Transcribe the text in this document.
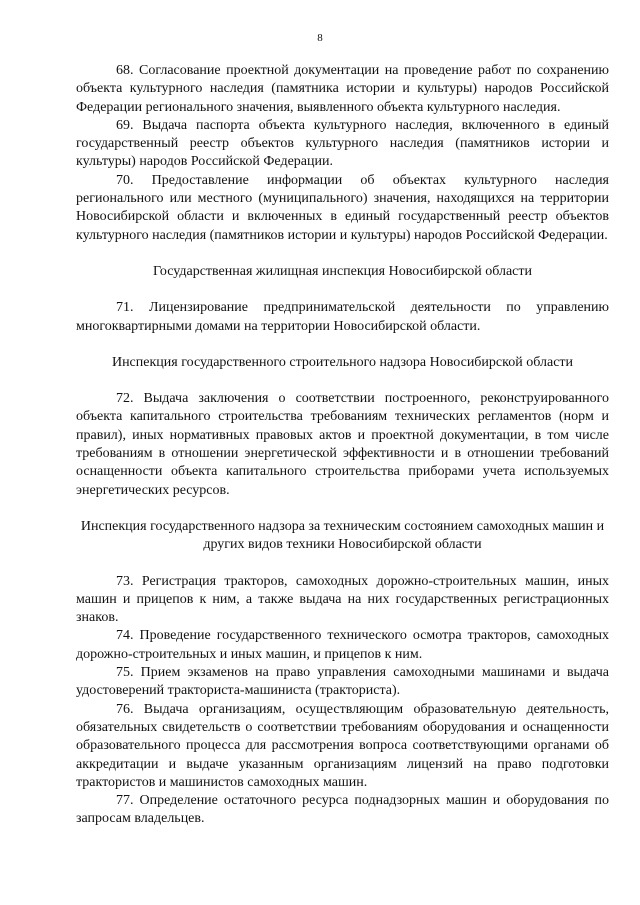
8

68. Согласование проектной документации на проведение работ по сохранению объекта культурного наследия (памятника истории и культуры) народов Российской Федерации регионального значения, выявленного объекта культурного наследия.

69. Выдача паспорта объекта культурного наследия, включенного в единый государственный реестр объектов культурного наследия (памятников истории и культуры) народов Российской Федерации.

70. Предоставление информации об объектах культурного наследия регионального или местного (муниципального) значения, находящихся на территории Новосибирской области и включенных в единый государственный реестр объектов культурного наследия (памятников истории и культуры) народов Российской Федерации.

Государственная жилищная инспекция Новосибирской области

71. Лицензирование предпринимательской деятельности по управлению многоквартирными домами на территории Новосибирской области.

Инспекция государственного строительного надзора Новосибирской области

72. Выдача заключения о соответствии построенного, реконструированного объекта капитального строительства требованиям технических регламентов (норм и правил), иных нормативных правовых актов и проектной документации, в том числе требованиям в отношении энергетической эффективности и в отношении требований оснащенности объекта капитального строительства приборами учета используемых энергетических ресурсов.

Инспекция государственного надзора за техническим состоянием самоходных машин и других видов техники Новосибирской области

73. Регистрация тракторов, самоходных дорожно-строительных машин, иных машин и прицепов к ним, а также выдача на них государственных регистрационных знаков.

74. Проведение государственного технического осмотра тракторов, самоходных дорожно-строительных и иных машин, и прицепов к ним.

75. Прием экзаменов на право управления самоходными машинами и выдача удостоверений тракториста-машиниста (тракториста).

76. Выдача организациям, осуществляющим образовательную деятельность, обязательных свидетельств о соответствии требованиям оборудования и оснащенности образовательного процесса для рассмотрения вопроса соответствующими органами об аккредитации и выдаче указанным организациям лицензий на право подготовки трактористов и машинистов самоходных машин.

77. Определение остаточного ресурса поднадзорных машин и оборудования по запросам владельцев.
